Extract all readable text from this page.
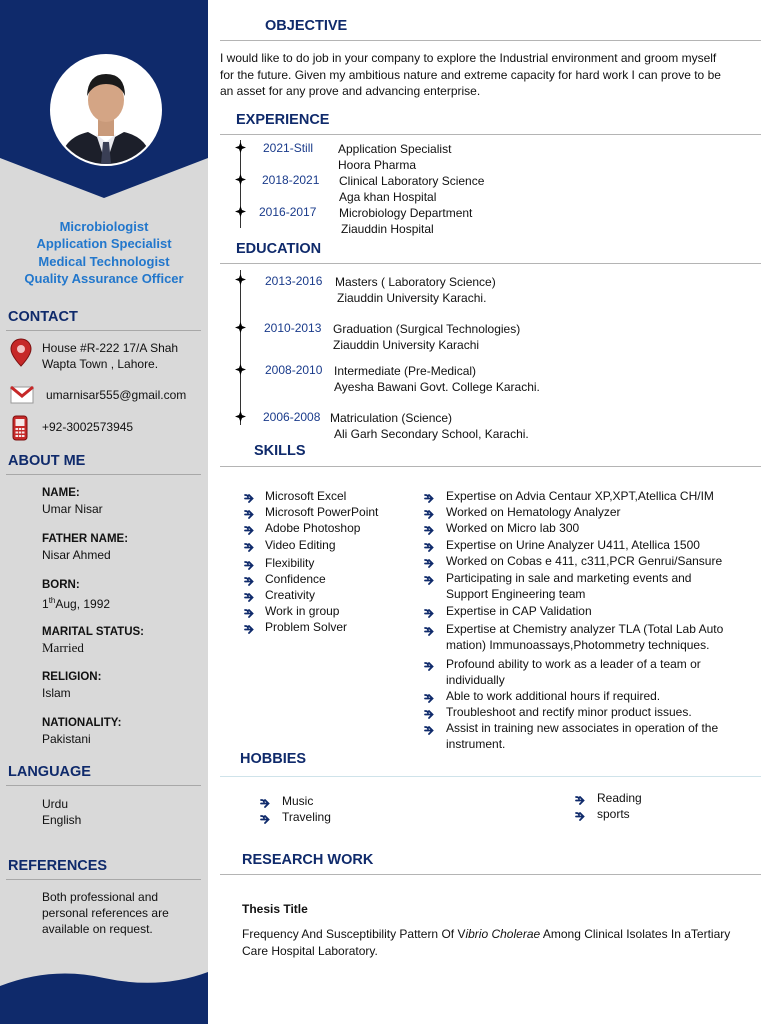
Microbiologist
Application Specialist
Medical Technologist
Quality Assurance Officer
CONTACT
House #R-222 17/A Shah
Wapta Town , Lahore.
umarnisar555@gmail.com
+92-3002573945
ABOUT ME
NAME:
Umar Nisar
FATHER NAME:
Nisar Ahmed
BORN:
1thAug, 1992
MARITAL STATUS:
Married
RELIGION:
Islam
NATIONALITY:
Pakistani
LANGUAGE
Urdu
English
REFERENCES
Both professional and
personal references are
available on request.
OBJECTIVE
I would like to do job in your company to explore the Industrial environment and groom myself
for the future. Given my ambitious nature and extreme capacity for hard work I can prove to be
an asset for any prove and advancing enterprise.
EXPERIENCE
2021-Still Application Specialist
Hoora Pharma
2018-2021 Clinical Laboratory Science
Aga khan Hospital
2016-2017 Microbiology Department
Ziauddin Hospital
EDUCATION
2013-2016 Masters ( Laboratory Science)
Ziauddin University Karachi.
2010-2013 Graduation (Surgical Technologies)
Ziauddin University Karachi
2008-2010 Intermediate (Pre-Medical)
Ayesha Bawani Govt. College Karachi.
2006-2008 Matriculation (Science)
Ali Garh Secondary School, Karachi.
SKILLS
Microsoft Excel
Microsoft PowerPoint
Adobe Photoshop
Video Editing
Flexibility
Confidence
Creativity
Work in group
Problem Solver
Expertise on Advia Centaur XP,XPT,Atellica CH/IM
Worked on Hematology Analyzer
Worked on Micro lab 300
Expertise on Urine Analyzer U411, Atellica 1500
Worked on Cobas e 411, c311,PCR Genrui/Sansure
Participating in sale and marketing events and Support Engineering team
Expertise in CAP Validation
Expertise at Chemistry analyzer TLA (Total Lab Auto mation) Immunoassays,Photommetry techniques.
Profound ability to work as a leader of a team or individually
Able to work additional hours if required.
Troubleshoot and rectify minor product issues.
Assist in training new associates in operation of the instrument.
HOBBIES
Music
Traveling
Reading
sports
RESEARCH WORK
Thesis Title
Frequency And Susceptibility Pattern Of Vibrio Cholerae Among Clinical Isolates In aTertiary
Care Hospital Laboratory.
